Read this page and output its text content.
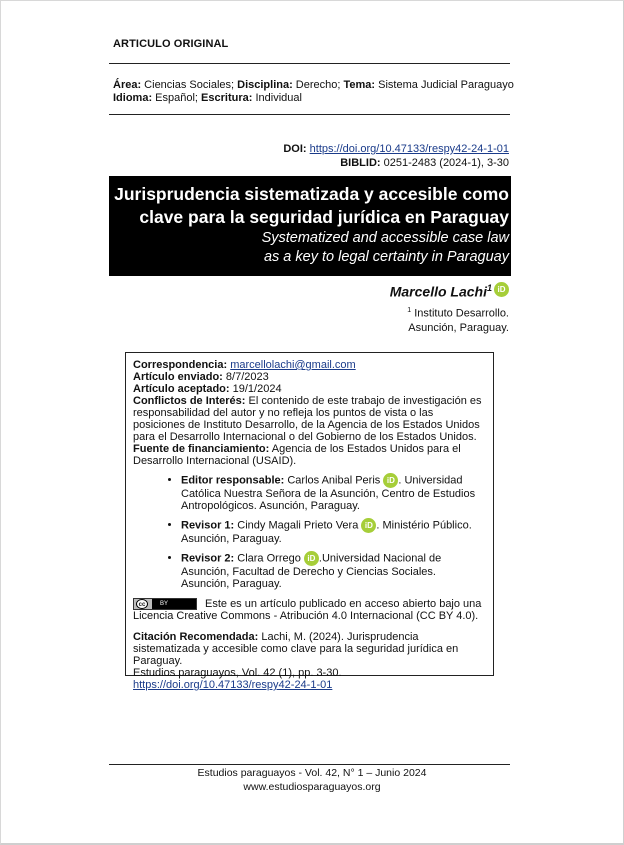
ARTICULO ORIGINAL
Área: Ciencias Sociales; Disciplina: Derecho; Tema: Sistema Judicial Paraguayo
Idioma: Español; Escritura: Individual
DOI: https://doi.org/10.47133/respy42-24-1-01
BIBLID: 0251-2483 (2024-1), 3-30
Jurisprudencia sistematizada y accesible como
clave para la seguridad jurídica en Paraguay
Systematized and accessible case law
as a key to legal certainty in Paraguay
Marcello Lachi$^1$ iD
$^1$ Instituto Desarrollo.
Asunción, Paraguay.

Correspondencia: marcellolachi@gmail.com

Artículo enviado: 8/7/2023

Artículo aceptado: 19/1/2024

Conflictos de Interés: El contenido de este trabajo de investigación es responsabilidad del autor y no refleja los puntos de vista o las posiciones de Instituto Desarrollo, de la Agencia de los Estados Unidos para el Desarrollo Internacional o del Gobierno de los Estados Unidos.

Fuente de financiamiento: Agencia de los Estados Unidos para el Desarrollo Internacional (USAID).

• Editor responsable: Carlos Anibal Peris iD . Universidad Católica Nuestra Señora de la Asunción, Centro de Estudios Antropológicos. Asunción, Paraguay.
• Revisor 1: Cindy Magali Prieto Vera iD . Ministério Público. Asunción, Paraguay.
• Revisor 2: Clara Orrego iD .Universidad Nacional de Asunción, Facultad de Derecho y Ciencias Sociales. Asunción, Paraguay.
cc	BY	Este es un artículo publicado en acceso abierto bajo una
Licencia Creative Commons - Atribución 4.0 Internacional (CC BY 4.0).
Citación Recomendada: Lachi, M. (2024). Jurisprudencia sistematizada y accesible como clave para la seguridad jurídica en Paraguay.
Estudios paraguayos, Vol. 42 (1), pp. 3-30.
https://doi.org/10.47133/respy42-24-1-01
Estudios paraguayos - Vol. 42, N° 1 – Junio 2024
www.estudiosparaguayos.org
